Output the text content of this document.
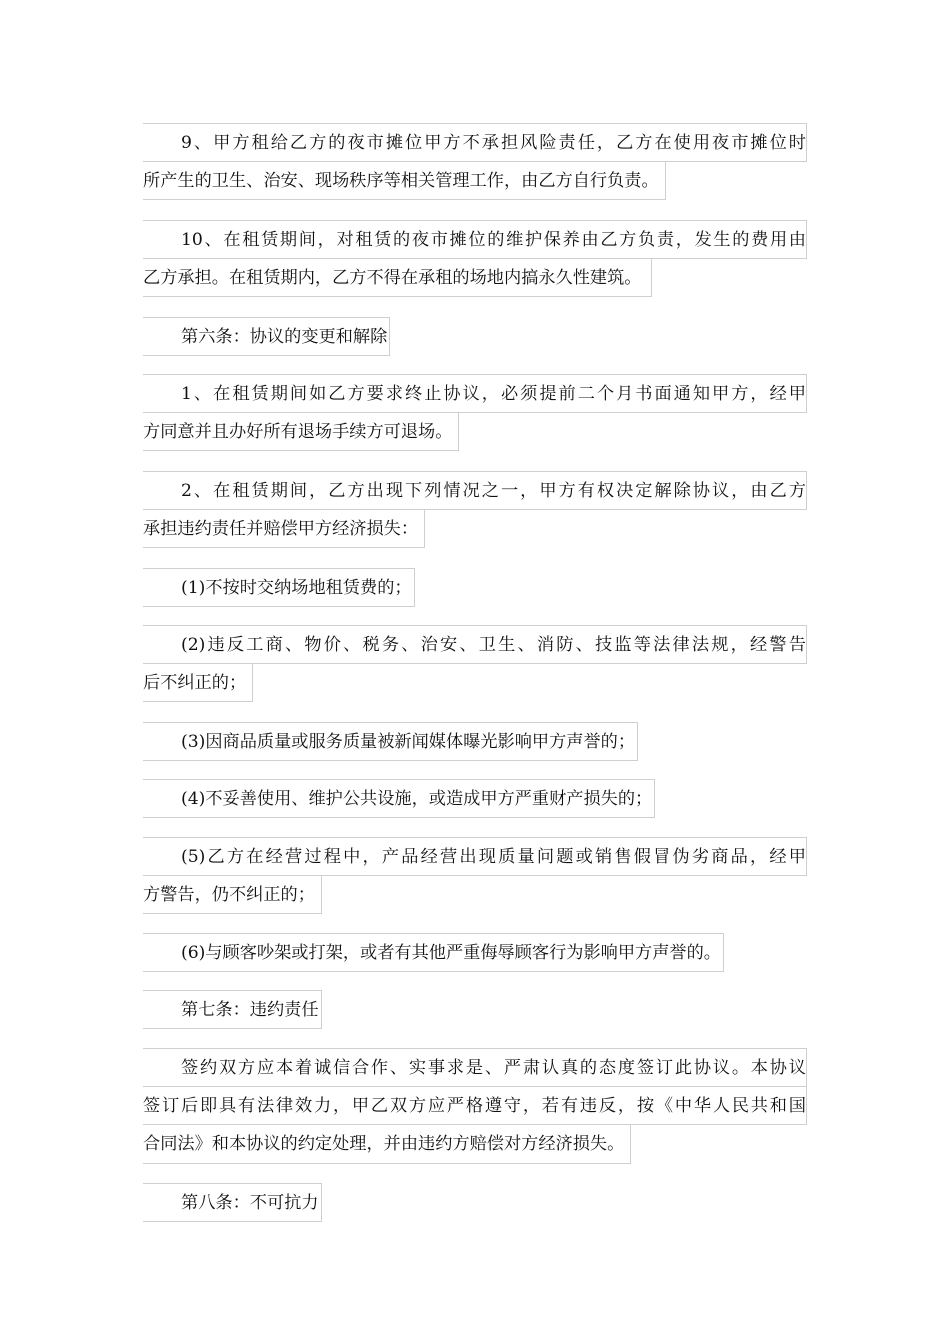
9、甲方租给乙方的夜市摊位甲方不承担风险责任，乙方在使用夜市摊位时
所产生的卫生、治安、现场秩序等相关管理工作，由乙方自行负责。
10、在租赁期间，对租赁的夜市摊位的维护保养由乙方负责，发生的费用由
乙方承担。在租赁期内，乙方不得在承租的场地内搞永久性建筑。
第六条：协议的变更和解除
1、在租赁期间如乙方要求终止协议，必须提前二个月书面通知甲方，经甲
方同意并且办好所有退场手续方可退场。
2、在租赁期间，乙方出现下列情况之一，甲方有权决定解除协议，由乙方
承担违约责任并赔偿甲方经济损失：
(1)不按时交纳场地租赁费的；
(2)违反工商、物价、税务、治安、卫生、消防、技监等法律法规，经警告
后不纠正的；
(3)因商品质量或服务质量被新闻媒体曝光影响甲方声誉的；
(4)不妥善使用、维护公共设施，或造成甲方严重财产损失的；
(5)乙方在经营过程中，产品经营出现质量问题或销售假冒伪劣商品，经甲
方警告，仍不纠正的；
(6)与顾客吵架或打架，或者有其他严重侮辱顾客行为影响甲方声誉的。
第七条：违约责任
签约双方应本着诚信合作、实事求是、严肃认真的态度签订此协议。本协议
签订后即具有法律效力，甲乙双方应严格遵守，若有违反，按《中华人民共和国
合同法》和本协议的约定处理，并由违约方赔偿对方经济损失。
第八条：不可抗力
